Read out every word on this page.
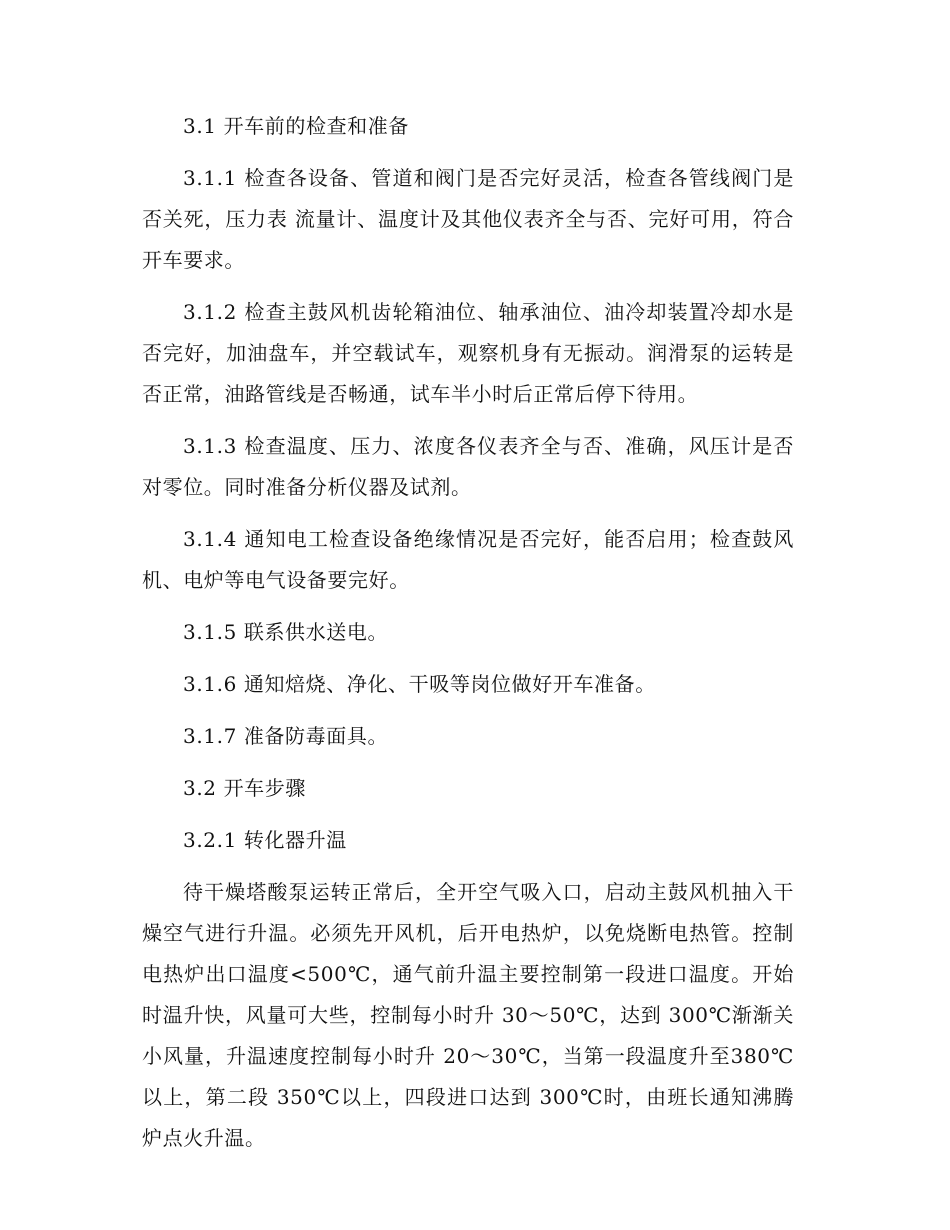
3.1 开车前的检查和准备

3.1.1 检查各设备、管道和阀门是否完好灵活，检查各管线阀门是否关死，压力表 流量计、温度计及其他仪表齐全与否、完好可用，符合开车要求。

3.1.2 检查主鼓风机齿轮箱油位、轴承油位、油冷却装置冷却水是否完好，加油盘车，并空载试车，观察机身有无振动。润滑泵的运转是否正常，油路管线是否畅通，试车半小时后正常后停下待用。

3.1.3 检查温度、压力、浓度各仪表齐全与否、准确，风压计是否对零位。同时准备分析仪器及试剂。

3.1.4 通知电工检查设备绝缘情况是否完好，能否启用；检查鼓风机、电炉等电气设备要完好。

3.1.5 联系供水送电。

3.1.6 通知焙烧、净化、干吸等岗位做好开车准备。

3.1.7 准备防毒面具。

3.2 开车步骤

3.2.1 转化器升温

待干燥塔酸泵运转正常后，全开空气吸入口，启动主鼓风机抽入干燥空气进行升温。必须先开风机，后开电热炉，以免烧断电热管。控制电热炉出口温度<500℃，通气前升温主要控制第一段进口温度。开始时温升快，风量可大些，控制每小时升 30～50℃，达到 300℃渐渐关小风量，升温速度控制每小时升 20～30℃，当第一段温度升至380℃以上，第二段 350℃以上，四段进口达到 300℃时，由班长通知沸腾炉点火升温。
